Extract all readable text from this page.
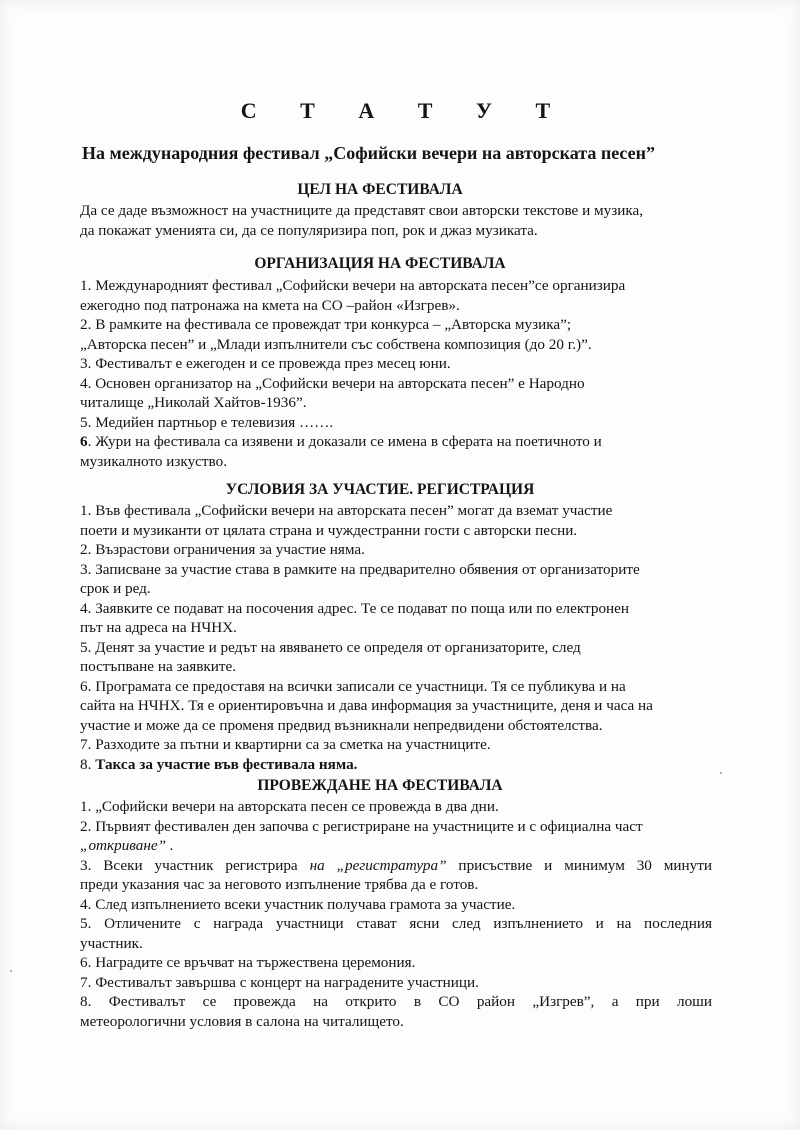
С Т А Т У Т
На международния фестивал „Софийски вечери на авторската песен”
ЦЕЛ НА ФЕСТИВАЛА

Да се даде възможност на участниците да представят свои авторски текстове и музика,

да покажат уменията си, да се популяризира поп, рок и джаз музиката.

ОРГАНИЗАЦИЯ НА ФЕСТИВАЛА

1. Международният фестивал „Софийски вечери на авторската песен”се организира

ежегодно под патронажа на кмета на СО –район «Изгрев».

2. В рамките на фестивала се провеждат три конкурса – „Авторска музика”;

„Авторска песен” и „Млади изпълнители със собствена композиция (до 20 г.)”.

3. Фестивалът е ежегоден и се провежда през месец юни.

4. Основен организатор на „Софийски вечери на авторската песен” е Народно

читалище „Николай Хайтов-1936”.

5. Медийен партньор е телевизия …….

6. Жури на фестивала са изявени и доказали се имена в сферата на поетичното и

музикалното изкуство.

УСЛОВИЯ ЗА УЧАСТИЕ. РЕГИСТРАЦИЯ

1. Във фестивала „Софийски вечери на авторската песен” могат да вземат участие

поети и музиканти от цялата страна и чуждестранни гости с авторски песни.

2. Възрастови ограничения за участие няма.

3. Записване за участие става в рамките на предварително обявения от организаторите

срок и ред.

4. Заявките се подават на посочения адрес. Те се подават по поща или по електронен

път на адреса на НЧНХ.

5. Денят за участие и редът на явяването се определя от организаторите, след

постъпване на заявките.

6. Програмата се предоставя на всички записали се участници. Тя се публикува и на

сайта на НЧНХ. Тя е ориентировъчна и дава информация за участниците, деня и часа на

участие и може да се променя предвид възникнали непредвидени обстоятелства.

7. Разходите за пътни и квартирни са за сметка на участниците.

8. Такса за участие във фестивала няма.

ПРОВЕЖДАНЕ НА ФЕСТИВАЛА

1. „Софийски вечери на авторската песен се провежда в два дни.

2. Първият фестивален ден започва с регистриране на участниците и с официална част

„откриване” .

3. Всеки участник регистрира на „регистратура” присъствие и минимум 30 минути

преди указания час за неговото изпълнение трябва да е готов.

4. След изпълнението всеки участник получава грамота за участие.

5. Отличените с награда участници стават ясни след изпълнението и на последния

участник.

6. Наградите се връчват на тържествена церемония.

7. Фестивалът завършва с концерт на наградените участници.

8. Фестивалът се провежда на открито в СО район „Изгрев”, а при лоши

метеорологични условия в салона на читалището.
